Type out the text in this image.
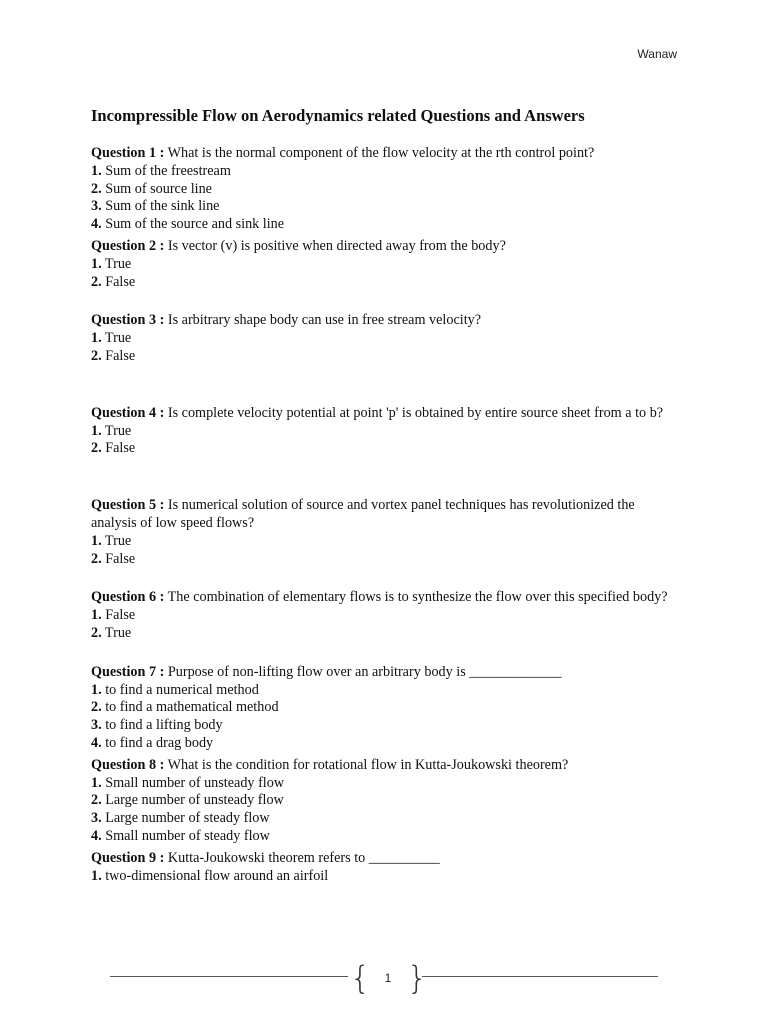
Wanaw
Incompressible Flow on Aerodynamics related Questions and Answers
Question 1 : What is the normal component of the flow velocity at the rth control point?
1. Sum of the freestream
2. Sum of source line
3. Sum of the sink line
4. Sum of the source and sink line
Question 2 : Is vector (v) is positive when directed away from the body?
1. True
2. False
Question 3 : Is arbitrary shape body can use in free stream velocity?
1. True
2. False
Question 4 : Is complete velocity potential at point 'p' is obtained by entire source sheet from a to b?
1. True
2. False
Question 5 : Is numerical solution of source and vortex panel techniques has revolutionized the analysis of low speed flows?
1. True
2. False
Question 6 : The combination of elementary flows is to synthesize the flow over this specified body?
1. False
2. True
Question 7 : Purpose of non-lifting flow over an arbitrary body is _____________
1. to find a numerical method
2. to find a mathematical method
3. to find a lifting body
4. to find a drag body
Question 8 : What is the condition for rotational flow in Kutta-Joukowski theorem?
1. Small number of unsteady flow
2. Large number of unsteady flow
3. Large number of steady flow
4. Small number of steady flow
Question 9 : Kutta-Joukowski theorem refers to __________
1. two-dimensional flow around an airfoil
{	1 }
